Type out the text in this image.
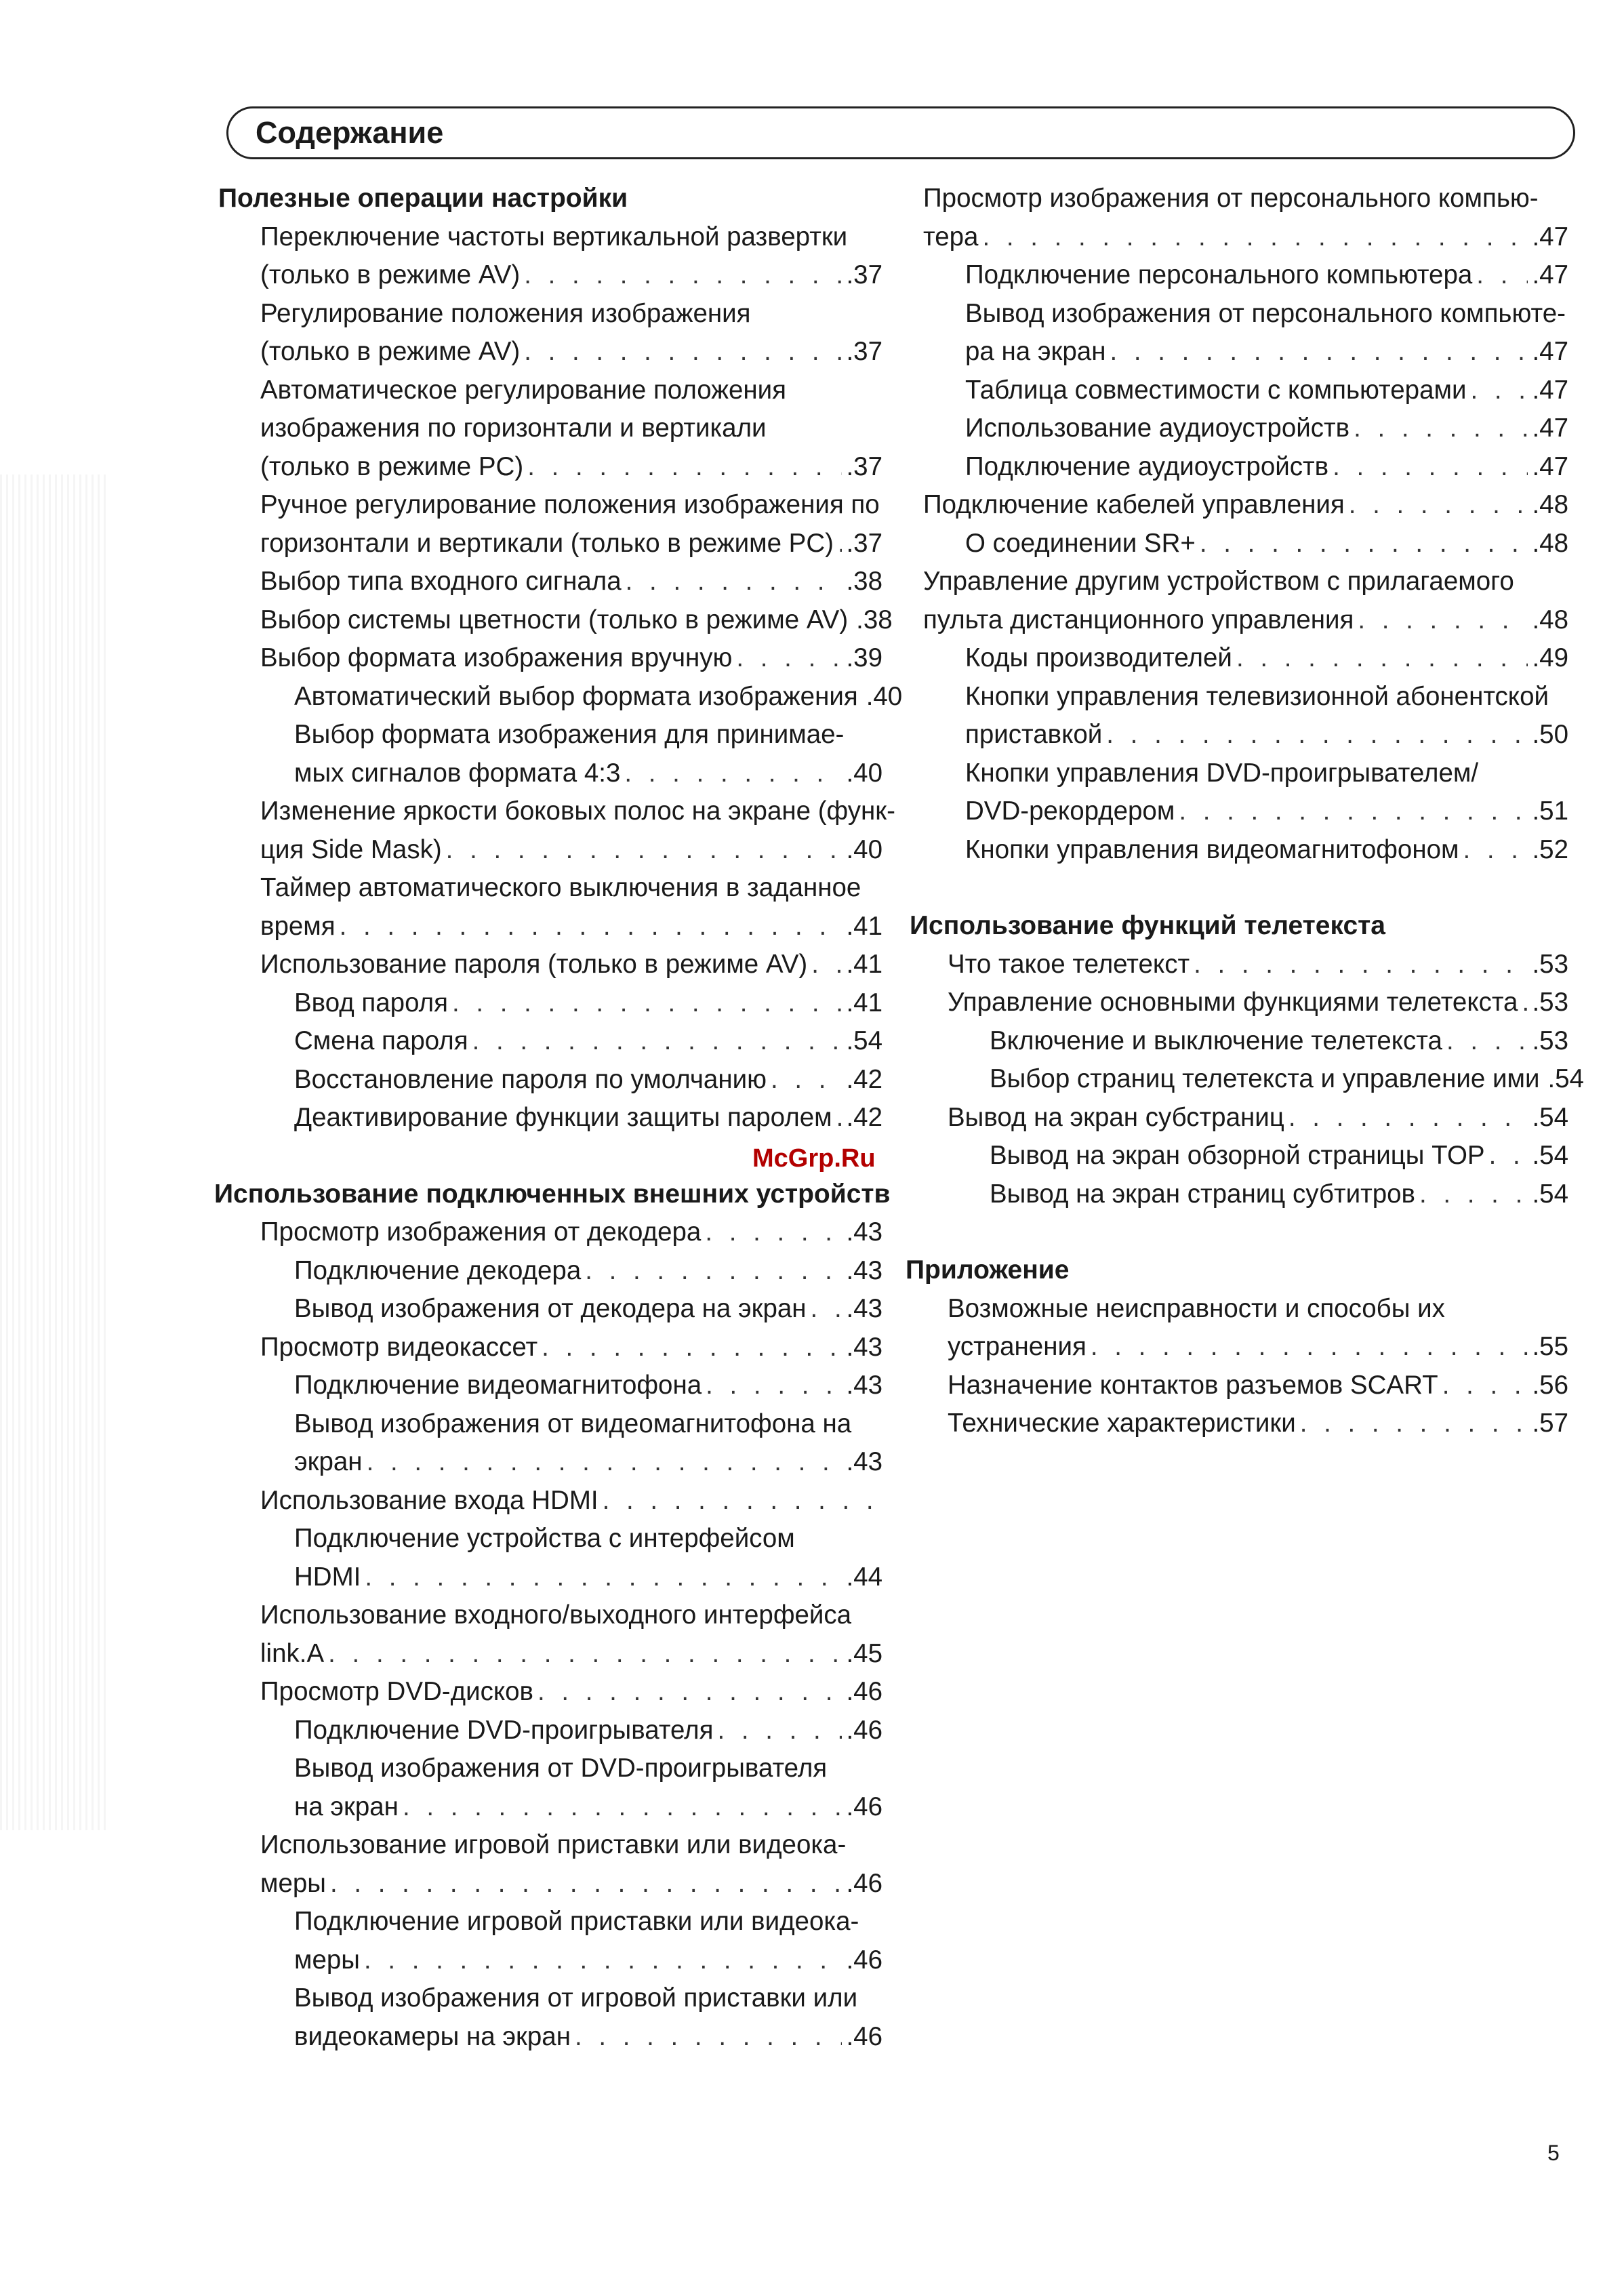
Содержание
Полезные операции настройки
Переключение частоты вертикальной развертки
(только в режиме AV) . . .	.37
Регулирование положения изображения
(только в режиме AV) . . .	.37
Автоматическое регулирование положения
изображения по горизонтали и вертикали
(только в режиме PC) . . .	.37
Ручное регулирование положения изображения по
горизонтали и вертикали (только в режиме PC) . . . .37
Выбор типа входного сигнала . . .	.38
Выбор системы цветности (только в режиме AV) .38
Выбор формата изображения вручную . . .	.39
Автоматический выбор формата изображения .40
Выбор формата изображения для принимае-
мых сигналов формата 4:3 . . .	.40
Изменение яркости боковых полос на экране (функ-
ция Side Mask) . . .	.40
Таймер автоматического выключения в заданное
время . . .	.41
Использование пароля (только в режиме AV) . . . .41
Ввод пароля . . .	.41
Смена пароля . . .	.54
Восстановление пароля по умолчанию . . .	.42
Деактивирование функции защиты паролем . . . .42
Использование подключенных внешних устройств
Просмотр изображения от декодера . . .	.43
Подключение декодера . . .	.43
Вывод изображения от декодера на экран . . . .43
Просмотр видеокассет . . .	.43
Подключение видеомагнитофона . . .	.43
Вывод изображения от видеомагнитофона на
экран . . .	.43
Использование входа HDMI
. . .
Подключение устройства с интерфейсом
HDMI . . .	.44
Использование входного/выходного интерфейса
link.A . . .	.45
Просмотр DVD-дисков . . .	.46
Подключение DVD-проигрывателя . . .	.46
Вывод изображения от DVD-проигрывателя
на экран . . .	.46
Использование игровой приставки или видеока-
меры . . .	.46
Подключение игровой приставки или видеока-
меры . . .	.46
Вывод изображения от игровой приставки или
видеокамеры на экран . . .	.46
Просмотр изображения от персонального компью-
тера . . .	.47
Подключение персонального компьютера . . . .47
Вывод изображения от персонального компьюте-
ра на экран . . .	.47
Таблица совместимости с компьютерами . . .	.47
Использование аудиоустройств . . .	.47
Подключение аудиоустройств . . .	.47
Подключение кабелей управления . . .	.48
О соединении SR+ . . .	.48
Управление другим устройством с прилагаемого
пульта дистанционного управления . . .	.48
Коды производителей . . .	.49
Кнопки управления телевизионной абонентской
приставкой . . .	.50
Кнопки управления DVD-проигрывателем/
DVD-рекордером . . .	.51
Кнопки управления видеомагнитофоном . . .	.52
Использование функций телетекста
Что такое телетекст . . .	.53
Управление основными функциями телетекста . . . .53
Включение и выключение телетекста . . .	.53
Выбор страниц телетекста и управление ими .54
Вывод на экран субстраниц . . .	.54
Вывод на экран обзорной страницы TOP . . . .54
Вывод на экран страниц субтитров . . .	.54
Приложение
Возможные неисправности и способы их
устранения . . .	.55
Назначение контактов разъемов SCART . . .	.56
Технические характеристики . . .	.57
McGrp.Ru
5
